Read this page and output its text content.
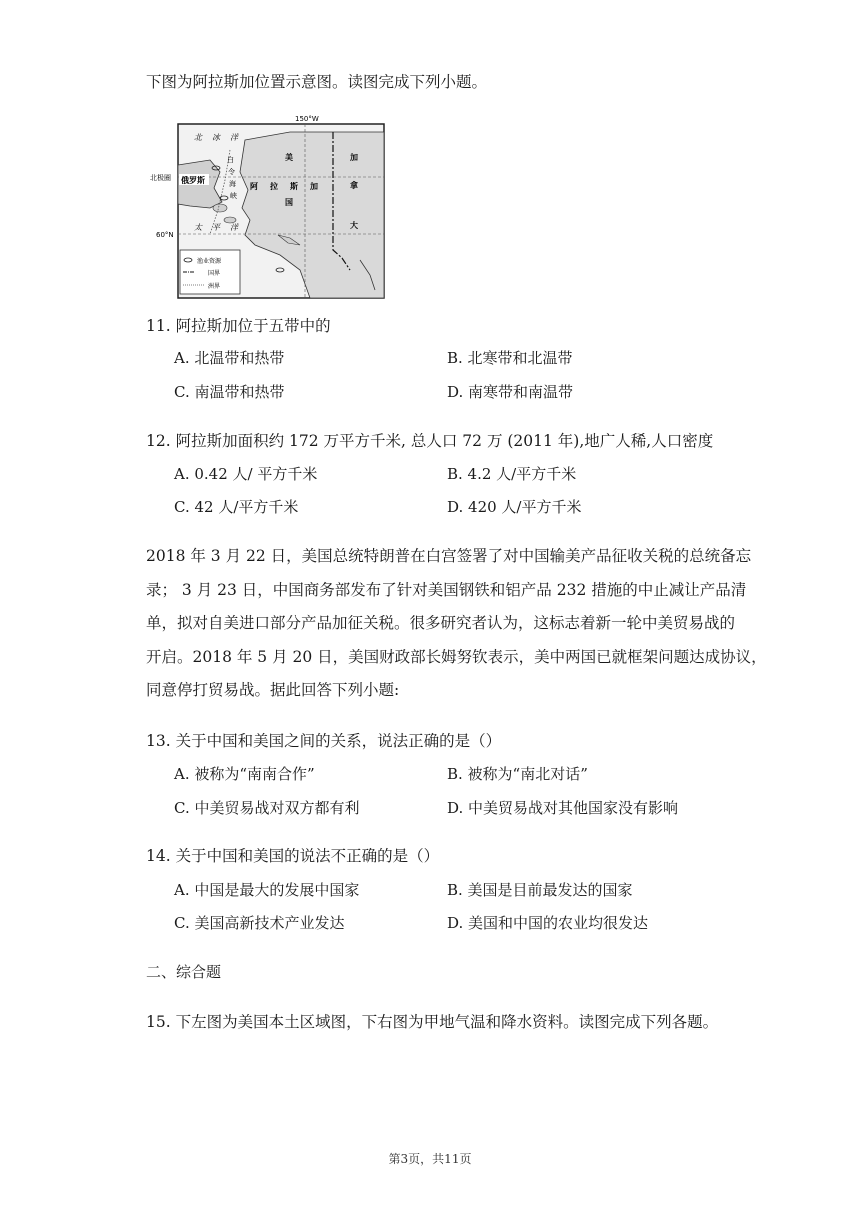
下图为阿拉斯加位置示意图。读图完成下列小题。
150°W
北极圈
60°N
北 冰 洋
太 平 洋
白
令
海
峡
俄罗斯
美
阿 拉 斯 加
国
加
拿
大
渔业资源
国界
洲界
11. 阿拉斯加位于五带中的
A. 北温带和热带	B. 北寒带和北温带
C. 南温带和热带	D. 南寒带和南温带
12. 阿拉斯加面积约 172 万平方千米, 总人口 72 万 (2011 年),地广人稀,人口密度
A. 0.42 人/ 平方千米	B. 4.2 人/平方千米
C. 42 人/平方千米	D. 420 人/平方千米
2018 年 3 月 22 日，美国总统特朗普在白宫签署了对中国输美产品征收关税的总统备忘
录； 3 月 23 日，中国商务部发布了针对美国钢铁和铝产品 232 措施的中止减让产品清
单，拟对自美进口部分产品加征关税。很多研究者认为，这标志着新一轮中美贸易战的
开启。2018 年 5 月 20 日，美国财政部长姆努钦表示，美中两国已就框架问题达成协议，
同意停打贸易战。据此回答下列小题:
13. 关于中国和美国之间的关系，说法正确的是（）
A. 被称为“南南合作”	B. 被称为“南北对话”
C. 中美贸易战对双方都有利	D. 中美贸易战对其他国家没有影响
14. 关于中国和美国的说法不正确的是（）
A. 中国是最大的发展中国家	B. 美国是目前最发达的国家
C. 美国高新技术产业发达	D. 美国和中国的农业均很发达
二、综合题
15. 下左图为美国本土区域图，下右图为甲地气温和降水资料。读图完成下列各题。
第3页，共11页
